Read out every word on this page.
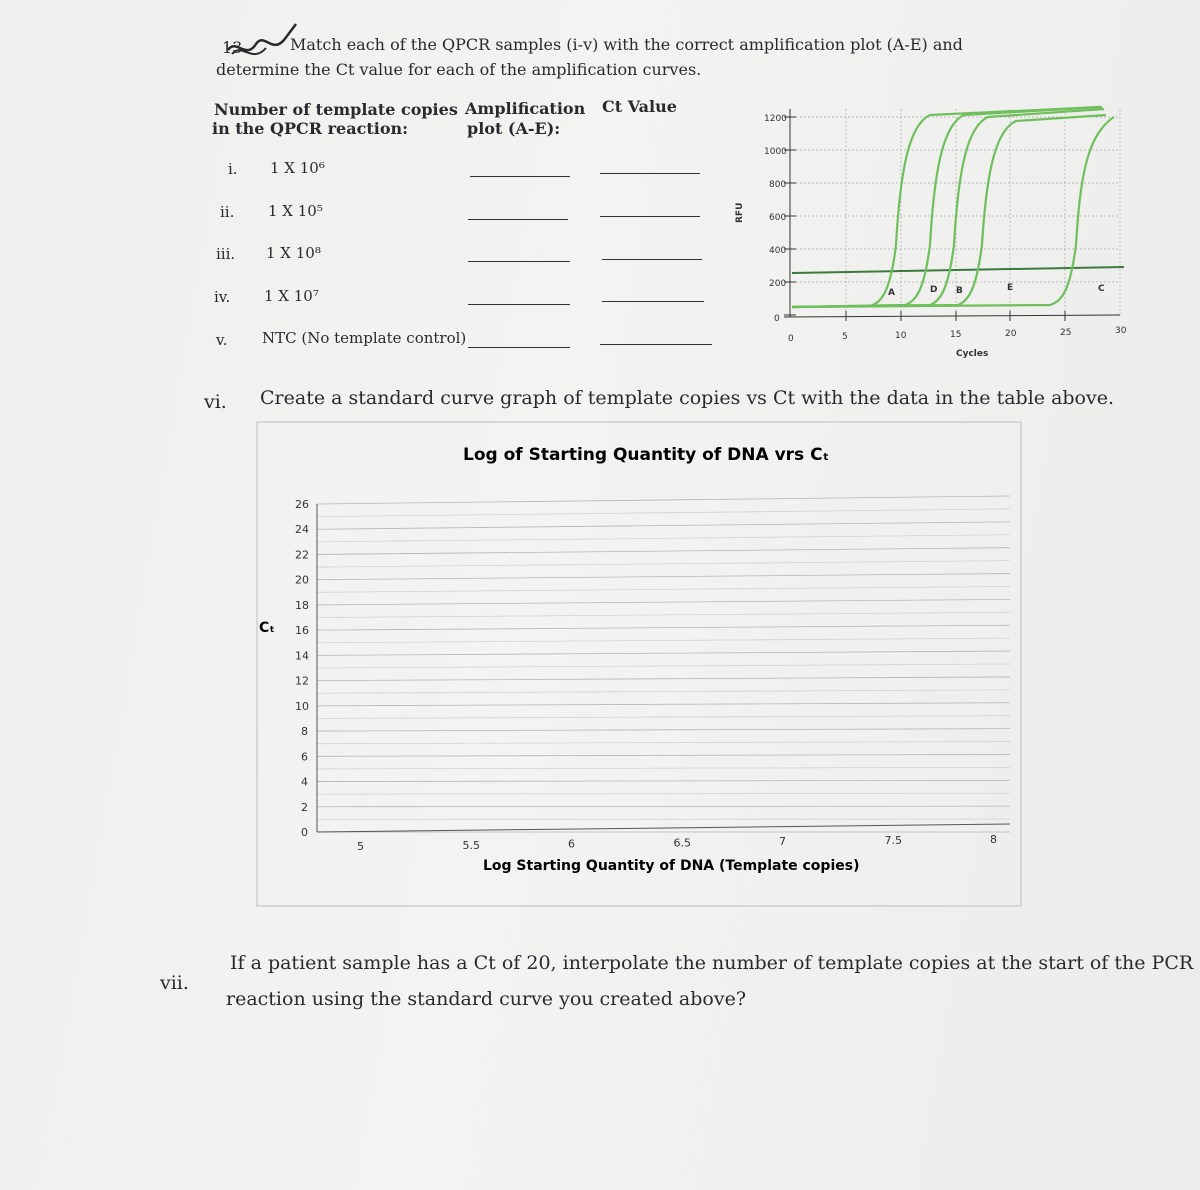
13	Match each of the QPCR samples (i-v) with the correct amplification plot (A-E) and
determine the Ct value for each of the amplification curves.
Number of template copies
in the QPCR reaction:
Amplification
plot (A-E):
Ct Value
i. 1 X 10⁶
ii. 1 X 10⁵
iii. 1 X 10⁸
iv. 1 X 10⁷
v. NTC (No template control)
1200
1000
800
600
400
200
0
RFU
0	5	10	15	20	25	30
Cycles
A	D B	E	C
vi. Create a standard curve graph of template copies vs Ct with the data in the table above.
Log of Starting Quantity of DNA vrs Cₜ
26
24
22
20
18
16
14
12
10
8
6
4
2
0
5	5.5	6	6.5	7	7.5	8
Cₜ
Log Starting Quantity of DNA (Template copies)
vii.
If a patient sample has a Ct of 20, interpolate the number of template copies at the start of the PCR
reaction using the standard curve you created above?
